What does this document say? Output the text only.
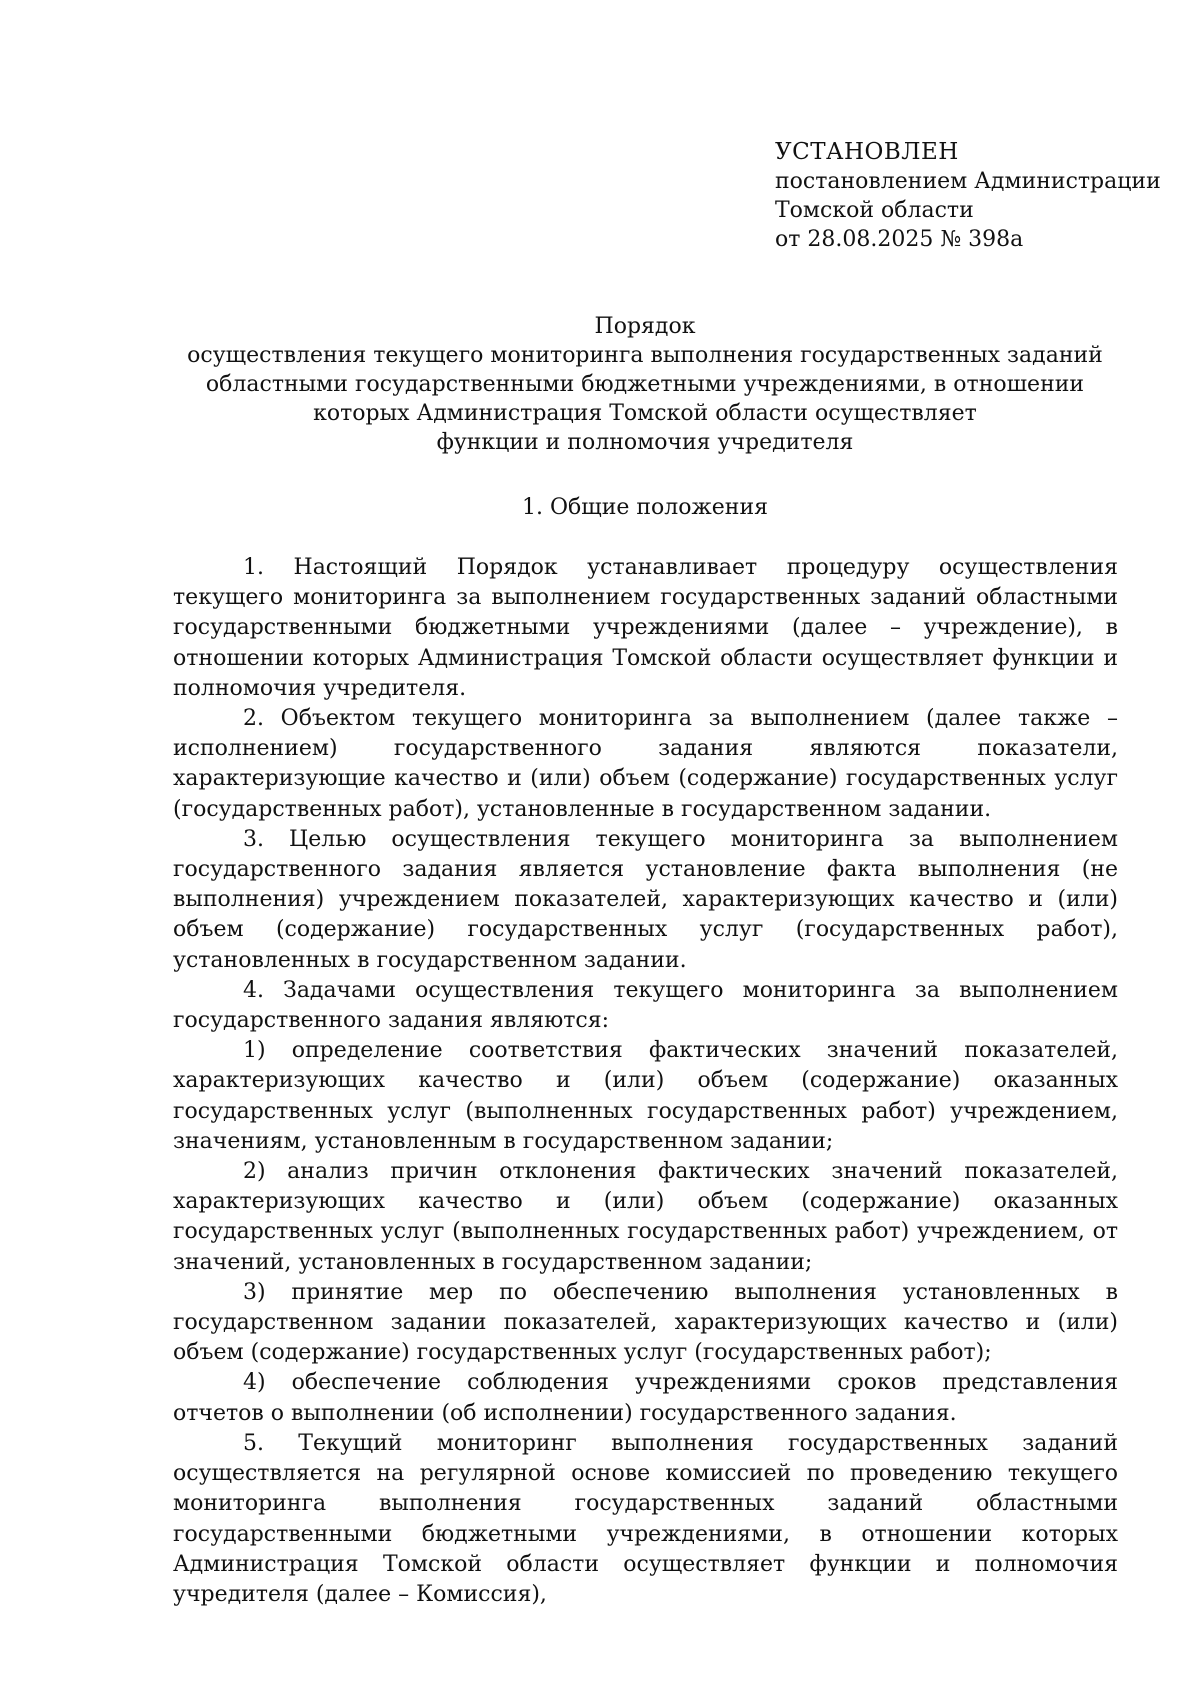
УСТАНОВЛЕН
постановлением Администрации
Томской области
от 28.08.2025 № 398а
Порядок
осуществления текущего мониторинга выполнения государственных заданий
областными государственными бюджетными учреждениями, в отношении
которых Администрация Томской области осуществляет
функции и полномочия учредителя
1. Общие положения

1. Настоящий Порядок устанавливает процедуру осуществления текущего мониторинга за выполнением государственных заданий областными государственными бюджетными учреждениями (далее – учреждение), в отношении которых Администрация Томской области осуществляет функции и полномочия учредителя.

2. Объектом текущего мониторинга за выполнением (далее также – исполнением) государственного задания являются показатели, характеризующие качество и (или) объем (содержание) государственных услуг (государственных работ), установленные в государственном задании.

3. Целью осуществления текущего мониторинга за выполнением государственного задания является установление факта выполнения (не выполнения) учреждением показателей, характеризующих качество и (или) объем (содержание) государственных услуг (государственных работ), установленных в государственном задании.

4. Задачами осуществления текущего мониторинга за выполнением государственного задания являются:

1) определение соответствия фактических значений показателей, характеризующих качество и (или) объем (содержание) оказанных государственных услуг (выполненных государственных работ) учреждением, значениям, установленным в государственном задании;

2) анализ причин отклонения фактических значений показателей, характеризующих качество и (или) объем (содержание) оказанных государственных услуг (выполненных государственных работ) учреждением, от значений, установленных в государственном задании;

3) принятие мер по обеспечению выполнения установленных в государственном задании показателей, характеризующих качество и (или) объем (содержание) государственных услуг (государственных работ);

4) обеспечение соблюдения учреждениями сроков представления отчетов о выполнении (об исполнении) государственного задания.

5. Текущий мониторинг выполнения государственных заданий осуществляется на регулярной основе комиссией по проведению текущего мониторинга выполнения государственных заданий областными государственными бюджетными учреждениями, в отношении которых Администрация Томской области осуществляет функции и полномочия учредителя (далее – Комиссия),
